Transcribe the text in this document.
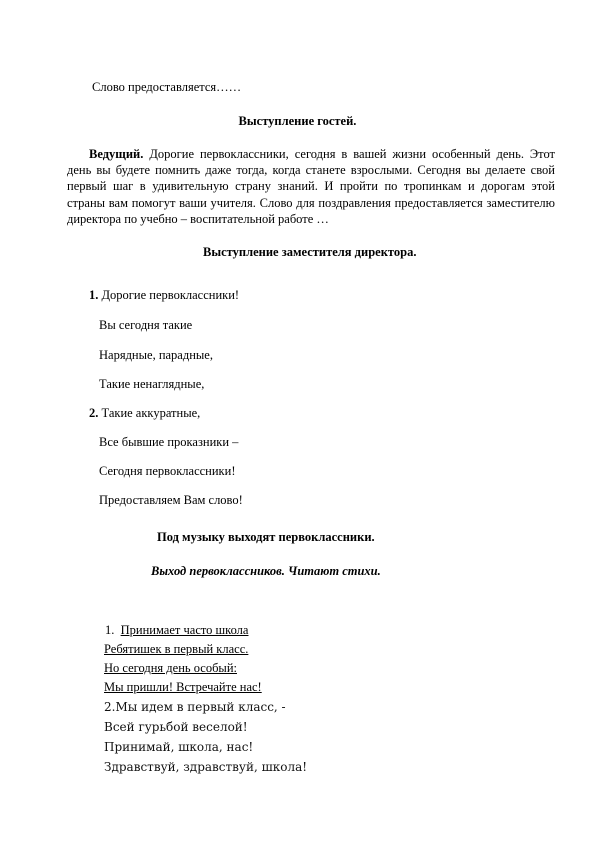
Слово предоставляется……
Выступление гостей.
Ведущий. Дорогие первоклассники, сегодня в вашей жизни особенный день. Этот день вы будете помнить даже тогда, когда станете взрослыми. Сегодня вы делаете свой первый шаг в удивительную страну знаний. И пройти по тропинкам и дорогам этой страны вам помогут ваши учителя. Слово для поздравления предоставляется заместителю директора по учебно – воспитательной работе …
Выступление заместителя директора.
1. Дорогие первоклассники!
Вы сегодня такие
Нарядные, парадные,
Такие ненаглядные,
2. Такие аккуратные,
Все бывшие проказники –
Сегодня первоклассники!
Предоставляем Вам слово!
Под музыку выходят первоклассники.
Выход первоклассников. Читают стихи.
1. Принимает часто школа
Ребятишек в первый класс.
Но сегодня день особый:
Мы пришли! Встречайте нас!
2.Мы идем в первый класс, -
Всей гурьбой веселой!
Принимай, школа, нас!
Здравствуй, здравствуй, школа!
